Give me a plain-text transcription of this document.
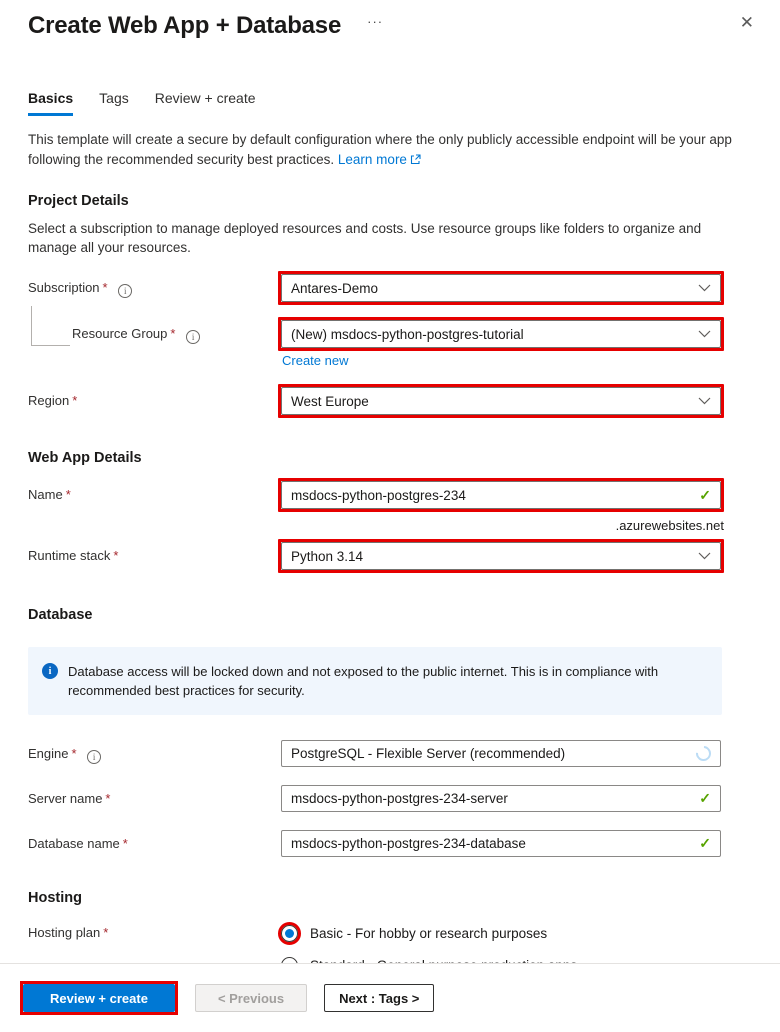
Create Web App + Database ···	✕
Basics Tags Review + create

This template will create a secure by default configuration where the only publicly accessible endpoint will be your app following the recommended security best practices. Learn more

Project Details

Select a subscription to manage deployed resources and costs. Use resource groups like folders to organize and manage all your resources.

Subscription * i	Antares-Demo
Resource Group * i	(New) msdocs-python-postgres-tutorial
Create new
Region *	West Europe
Web App Details
Name *	msdocs-python-postgres-234	✓
.azurewebsites.net
Runtime stack *	Python 3.14
Database
i Database access will be locked down and not exposed to the public internet. This is in compliance with recommended best practices for security.
Engine * i	PostgreSQL - Flexible Server (recommended)
Server name *	msdocs-python-postgres-234-server	✓
Database name *	msdocs-python-postgres-234-database	✓
Hosting
Hosting plan *	Basic - For hobby or research purposes
Review + create	< Previous	Next : Tags >
